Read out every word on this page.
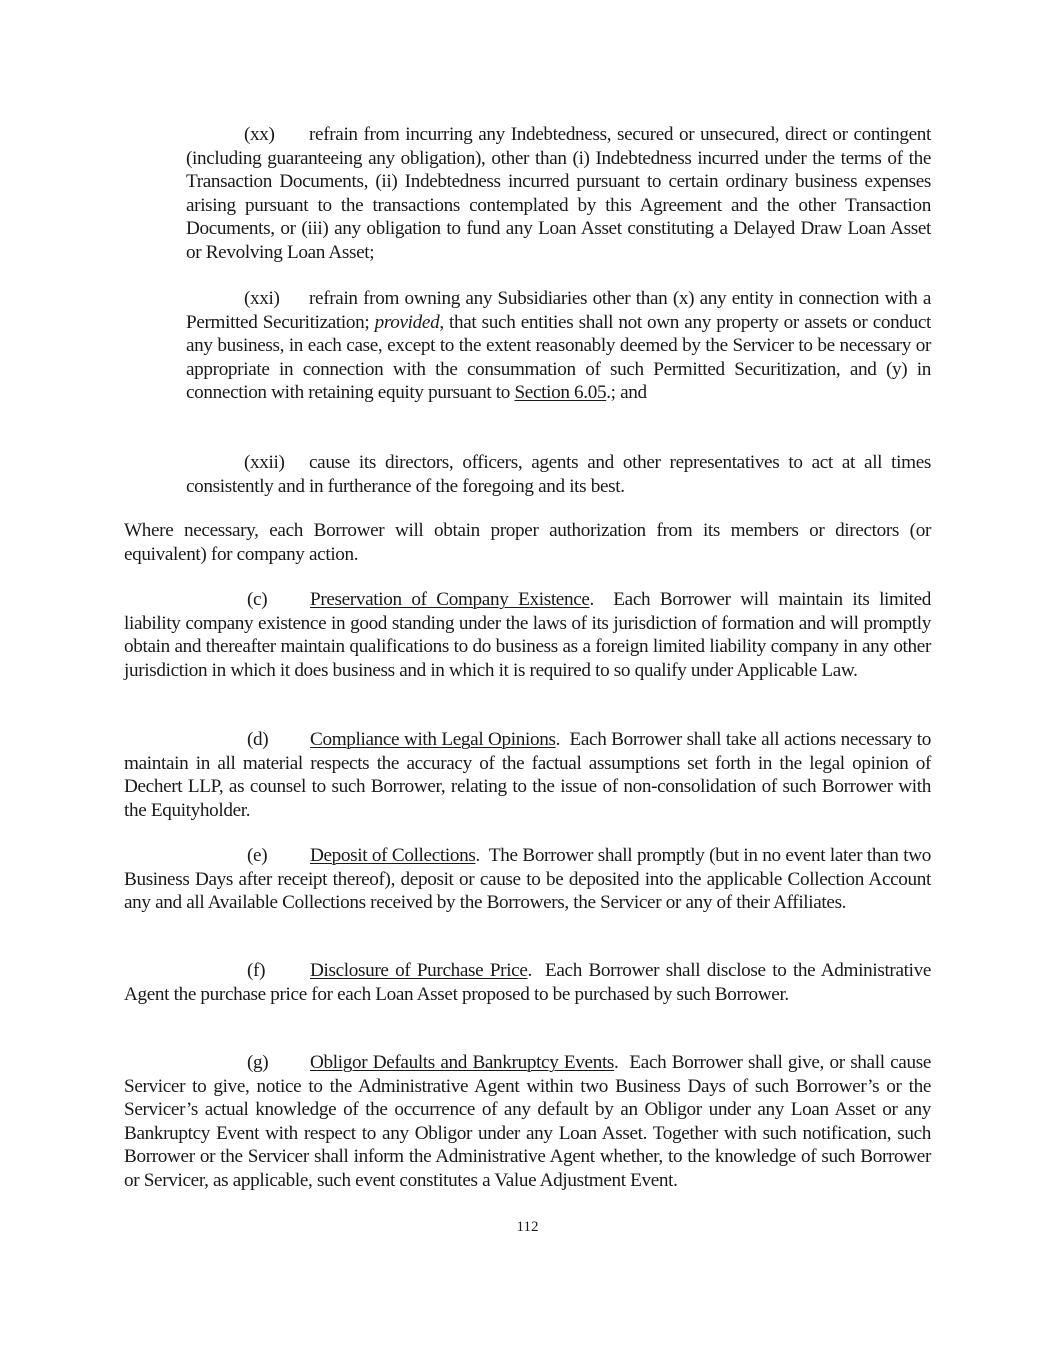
(xx) refrain from incurring any Indebtedness, secured or unsecured, direct or contingent (including guaranteeing any obligation), other than (i) Indebtedness incurred under the terms of the Transaction Documents, (ii) Indebtedness incurred pursuant to certain ordinary business expenses arising pursuant to the transactions contemplated by this Agreement and the other Transaction Documents, or (iii) any obligation to fund any Loan Asset constituting a Delayed Draw Loan Asset or Revolving Loan Asset;

(xxi) refrain from owning any Subsidiaries other than (x) any entity in connection with a Permitted Securitization; provided, that such entities shall not own any property or assets or conduct any business, in each case, except to the extent reasonably deemed by the Servicer to be necessary or appropriate in connection with the consummation of such Permitted Securitization, and (y) in connection with retaining equity pursuant to Section 6.05.; and

(xxii) cause its directors, officers, agents and other representatives to act at all times consistently and in furtherance of the foregoing and its best.

Where necessary, each Borrower will obtain proper authorization from its members or directors (or equivalent) for company action.

(c) Preservation of Company Existence. Each Borrower will maintain its limited liability company existence in good standing under the laws of its jurisdiction of formation and will promptly obtain and thereafter maintain qualifications to do business as a foreign limited liability company in any other jurisdiction in which it does business and in which it is required to so qualify under Applicable Law.

(d) Compliance with Legal Opinions. Each Borrower shall take all actions necessary to maintain in all material respects the accuracy of the factual assumptions set forth in the legal opinion of Dechert LLP, as counsel to such Borrower, relating to the issue of non-consolidation of such Borrower with the Equityholder.

(e) Deposit of Collections. The Borrower shall promptly (but in no event later than two Business Days after receipt thereof), deposit or cause to be deposited into the applicable Collection Account any and all Available Collections received by the Borrowers, the Servicer or any of their Affiliates.

(f) Disclosure of Purchase Price. Each Borrower shall disclose to the Administrative Agent the purchase price for each Loan Asset proposed to be purchased by such Borrower.

(g) Obligor Defaults and Bankruptcy Events. Each Borrower shall give, or shall cause Servicer to give, notice to the Administrative Agent within two Business Days of such Borrower’s or the Servicer’s actual knowledge of the occurrence of any default by an Obligor under any Loan Asset or any Bankruptcy Event with respect to any Obligor under any Loan Asset. Together with such notification, such Borrower or the Servicer shall inform the Administrative Agent whether, to the knowledge of such Borrower or Servicer, as applicable, such event constitutes a Value Adjustment Event.

112
